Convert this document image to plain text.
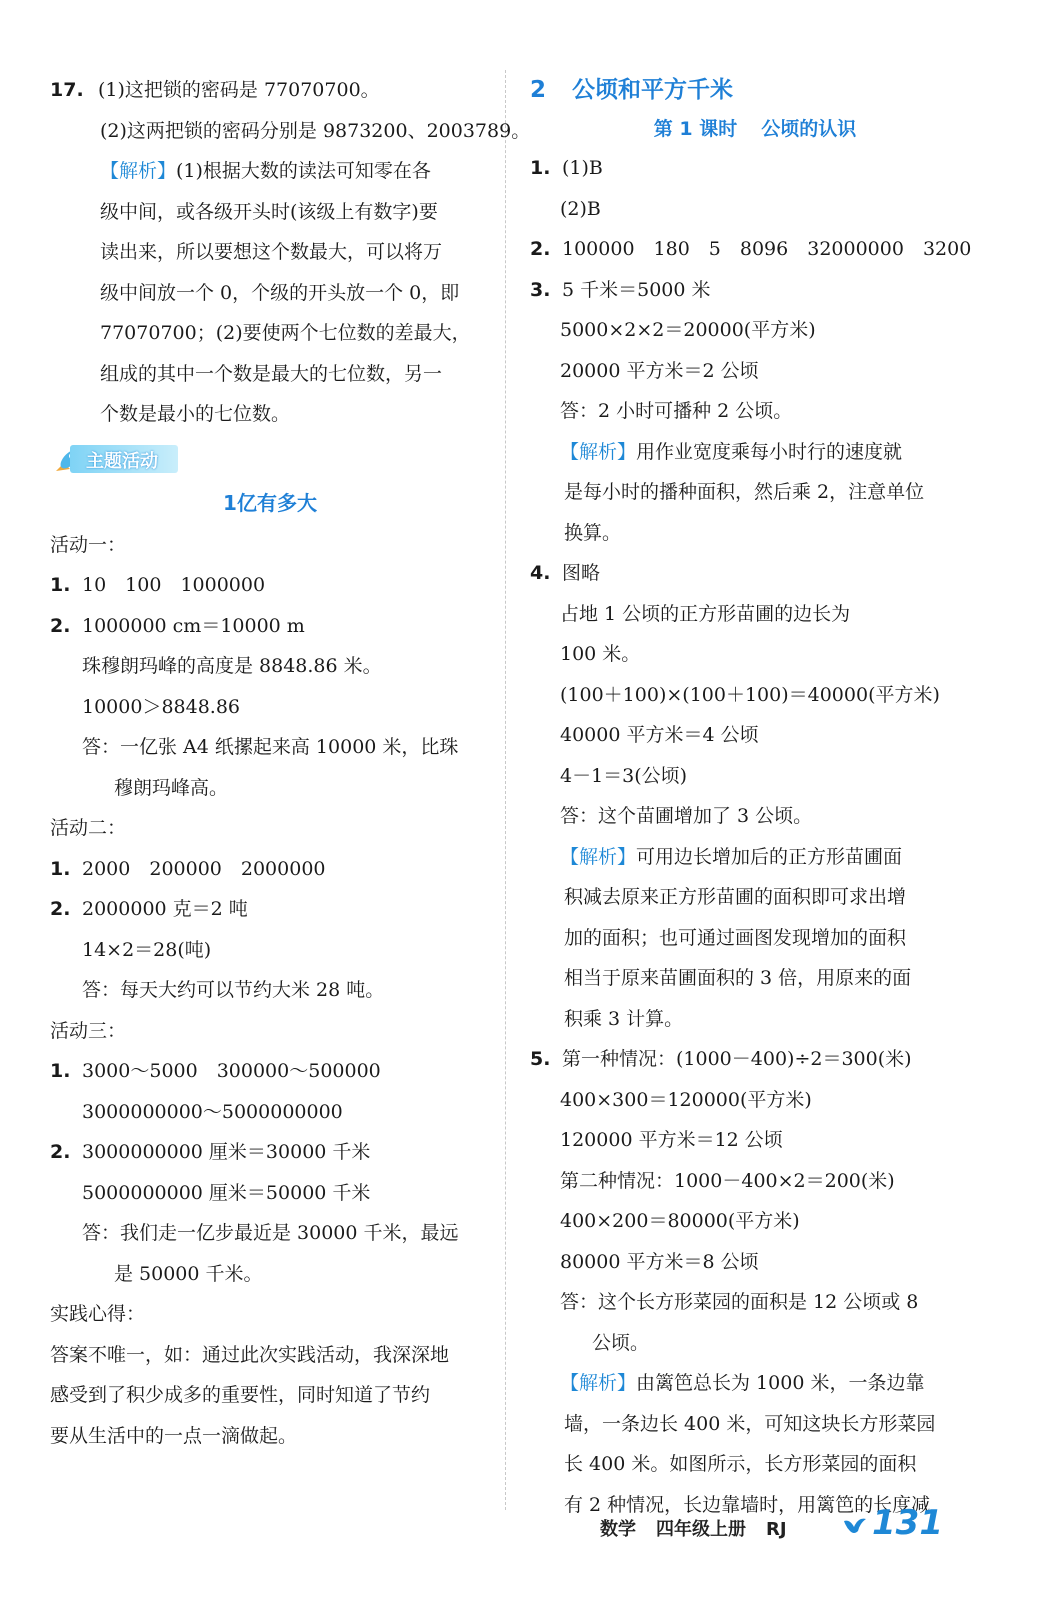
17. (1)这把锁的密码是 77070700。
(2)这两把锁的密码分别是 9873200、2003789。
【解析】(1)根据大数的读法可知零在各
级中间，或各级开头时(该级上有数字)要
读出来，所以要想这个数最大，可以将万
级中间放一个 0，个级的开头放一个 0，即
77070700；(2)要使两个七位数的差最大，
组成的其中一个数是最大的七位数，另一
个数是最小的七位数。
主题活动
1亿有多大
活动一：
1. 10　100　1000000
2. 1000000 cm＝10000 m
珠穆朗玛峰的高度是 8848.86 米。
10000＞8848.86
答：一亿张 A4 纸摞起来高 10000 米，比珠
穆朗玛峰高。
活动二：
1. 2000　200000　2000000
2. 2000000 克＝2 吨
14×2＝28(吨)
答：每天大约可以节约大米 28 吨。
活动三：
1. 3000～5000　300000～500000
3000000000～5000000000
2. 3000000000 厘米＝30000 千米
5000000000 厘米＝50000 千米
答：我们走一亿步最近是 30000 千米，最远
是 50000 千米。
实践心得：
答案不唯一，如：通过此次实践活动，我深深地
感受到了积少成多的重要性，同时知道了节约
要从生活中的一点一滴做起。
2 公顷和平方千米
第 1 课时 公顷的认识
1. (1)B
(2)B
2. 100000　180　5　8096　32000000　3200
3. 5 千米＝5000 米
5000×2×2＝20000(平方米)
20000 平方米＝2 公顷
答：2 小时可播种 2 公顷。
【解析】用作业宽度乘每小时行的速度就
是每小时的播种面积，然后乘 2，注意单位
换算。
4. 图略
占地 1 公顷的正方形苗圃的边长为
100 米。
(100＋100)×(100＋100)＝40000(平方米)
40000 平方米＝4 公顷
4－1＝3(公顷)
答：这个苗圃增加了 3 公顷。
【解析】可用边长增加后的正方形苗圃面
积减去原来正方形苗圃的面积即可求出增
加的面积；也可通过画图发现增加的面积
相当于原来苗圃面积的 3 倍，用原来的面
积乘 3 计算。
5. 第一种情况：(1000－400)÷2＝300(米)
400×300＝120000(平方米)
120000 平方米＝12 公顷
第二种情况：1000－400×2＝200(米)
400×200＝80000(平方米)
80000 平方米＝8 公顷
答：这个长方形菜园的面积是 12 公顷或 8
公顷。
【解析】由篱笆总长为 1000 米，一条边靠
墙，一条边长 400 米，可知这块长方形菜园
长 400 米。如图所示，长方形菜园的面积
有 2 种情况，长边靠墙时，用篱笆的长度减
数学 四年级上册 RJ	131
